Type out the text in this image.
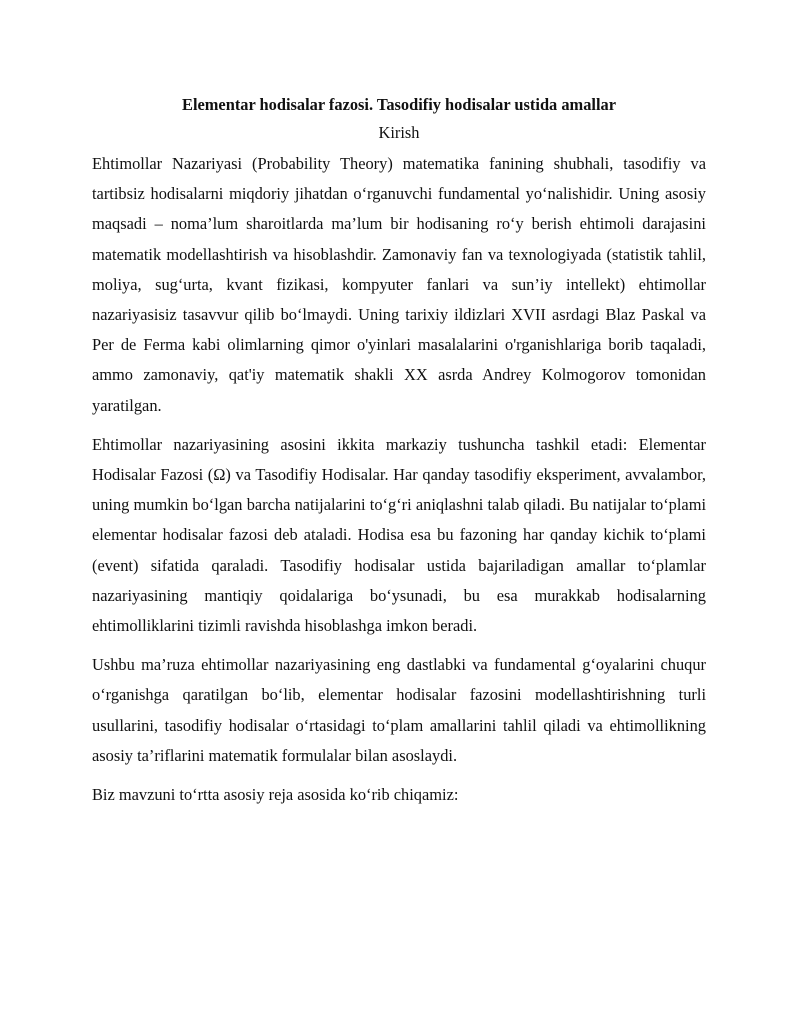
Elementar hodisalar fazosi. Tasodifiy hodisalar ustida amallar

Kirish

Ehtimollar Nazariyasi (Probability Theory) matematika fanining shubhali, tasodifiy va tartibsiz hodisalarni miqdoriy jihatdan o‘rganuvchi fundamental yo‘nalishidir. Uning asosiy maqsadi – noma’lum sharoitlarda ma’lum bir hodisaning ro‘y berish ehtimoli darajasini matematik modellashtirish va hisoblashdir. Zamonaviy fan va texnologiyada (statistik tahlil, moliya, sug‘urta, kvant fizikasi, kompyuter fanlari va sun’iy intellekt) ehtimollar nazariyasisiz tasavvur qilib bo‘lmaydi. Uning tarixiy ildizlari XVII asrdagi Blaz Paskal va Per de Ferma kabi olimlarning qimor o'yinlari masalalarini o'rganishlariga borib taqaladi, ammo zamonaviy, qat'iy matematik shakli XX asrda Andrey Kolmogorov tomonidan yaratilgan.

Ehtimollar nazariyasining asosini ikkita markaziy tushuncha tashkil etadi: Elementar Hodisalar Fazosi (Ω) va Tasodifiy Hodisalar. Har qanday tasodifiy eksperiment, avvalambor, uning mumkin bo‘lgan barcha natijalarini to‘g‘ri aniqlashni talab qiladi. Bu natijalar to‘plami elementar hodisalar fazosi deb ataladi. Hodisa esa bu fazoning har qanday kichik to‘plami (event) sifatida qaraladi. Tasodifiy hodisalar ustida bajariladigan amallar to‘plamlar nazariyasining mantiqiy qoidalariga bo‘ysunadi, bu esa murakkab hodisalarning ehtimolliklarini tizimli ravishda hisoblashga imkon beradi.

Ushbu ma’ruza ehtimollar nazariyasining eng dastlabki va fundamental g‘oyalarini chuqur o‘rganishga qaratilgan bo‘lib, elementar hodisalar fazosini modellashtirishning turli usullarini, tasodifiy hodisalar o‘rtasidagi to‘plam amallarini tahlil qiladi va ehtimollikning asosiy ta’riflarini matematik formulalar bilan asoslaydi.

Biz mavzuni to‘rtta asosiy reja asosida ko‘rib chiqamiz:
